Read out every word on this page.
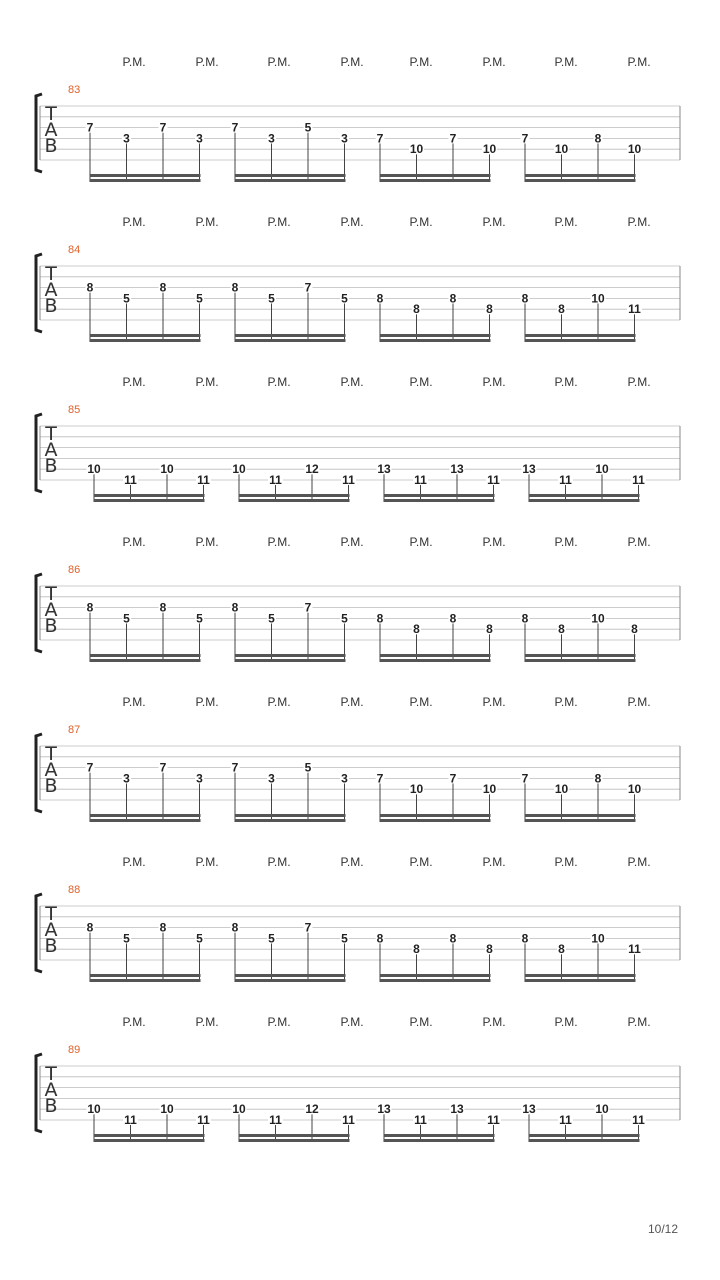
P.M.	P.M.	P.M.	P.M.	P.M.	P.M.	P.M.	P.M.
83
T
A
B
7
3
7
3
7
3
5
3 7
10
7
10
7
10
8
10
P.M.	P.M.	P.M.	P.M.	P.M.	P.M.	P.M.	P.M.
84
T
A
B
8
5
8
5
8
5
7
5 8
8
8
8
8
8
10
11
P.M.	P.M.	P.M.	P.M.	P.M.	P.M.	P.M.	P.M.
85
T
A
B 10
11
10
11
10
11
12
11
13
11
13
11
13
11
10
11
P.M.	P.M.	P.M.	P.M.	P.M.	P.M.	P.M.	P.M.
86
T
A
B
8
5
8
5
8
5
7
5 8
8
8
8
8
8
10
8
P.M.	P.M.	P.M.	P.M.	P.M.	P.M.	P.M.	P.M.
87
T
A
B
7
3
7
3
7
3
5
3 7
10
7
10
7
10
8
10
P.M.	P.M.	P.M.	P.M.	P.M.	P.M.	P.M.	P.M.
88
T
A
B
8
5
8
5
8
5
7
5 8
8
8
8
8
8
10
11
P.M.	P.M.	P.M.	P.M.	P.M.	P.M.	P.M.	P.M.
89
T
A
B 10
11
10
11
10
11
12
11
13
11
13
11
13
11
10
11
10/12
